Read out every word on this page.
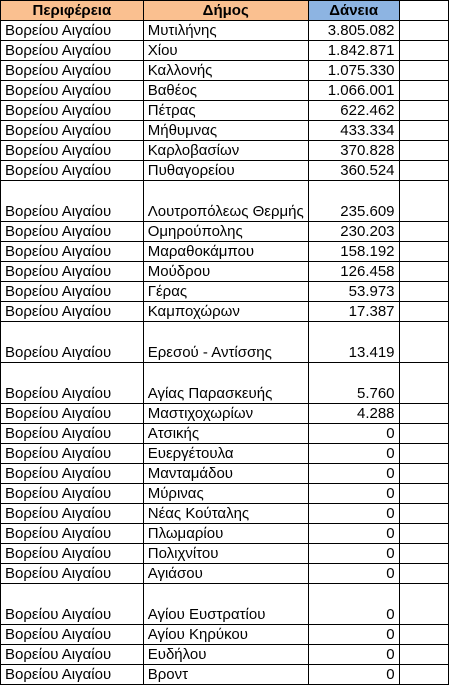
Περιφέρεια	Δήμος	Δάνεια	
Βορείου Αιγαίου	Μυτιλήνης	3.805.082	
Βορείου Αιγαίου	Χίου	1.842.871	
Βορείου Αιγαίου	Καλλονής	1.075.330	
Βορείου Αιγαίου	Βαθέος	1.066.001	
Βορείου Αιγαίου	Πέτρας	622.462	
Βορείου Αιγαίου	Μήθυμνας	433.334	
Βορείου Αιγαίου	Καρλοβασίων	370.828	
Βορείου Αιγαίου	Πυθαγορείου	360.524	
Βορείου Αιγαίου	Λουτροπόλεως Θερμής	235.609	
Βορείου Αιγαίου	Ομηρούπολης	230.203	
Βορείου Αιγαίου	Μαραθοκάμπου	158.192	
Βορείου Αιγαίου	Μούδρου	126.458	
Βορείου Αιγαίου	Γέρας	53.973	
Βορείου Αιγαίου	Καμποχώρων	17.387	
Βορείου Αιγαίου	Ερεσού - Αντίσσης	13.419	
Βορείου Αιγαίου	Αγίας Παρασκευής	5.760	
Βορείου Αιγαίου	Μαστιχοχωρίων	4.288	
Βορείου Αιγαίου	Ατσικής	0	
Βορείου Αιγαίου	Ευεργέτουλα	0	
Βορείου Αιγαίου	Μανταμάδου	0	
Βορείου Αιγαίου	Μύρινας	0	
Βορείου Αιγαίου	Νέας Κούταλης	0	
Βορείου Αιγαίου	Πλωμαρίου	0	
Βορείου Αιγαίου	Πολιχνίτου	0	
Βορείου Αιγαίου	Αγιάσου	0	
Βορείου Αιγαίου	Αγίου Ευστρατίου	0	
Βορείου Αιγαίου	Αγίου Κηρύκου	0	
Βορείου Αιγαίου	Ευδήλου	0	
Βορείου Αιγαίου	Βροντ	0	
